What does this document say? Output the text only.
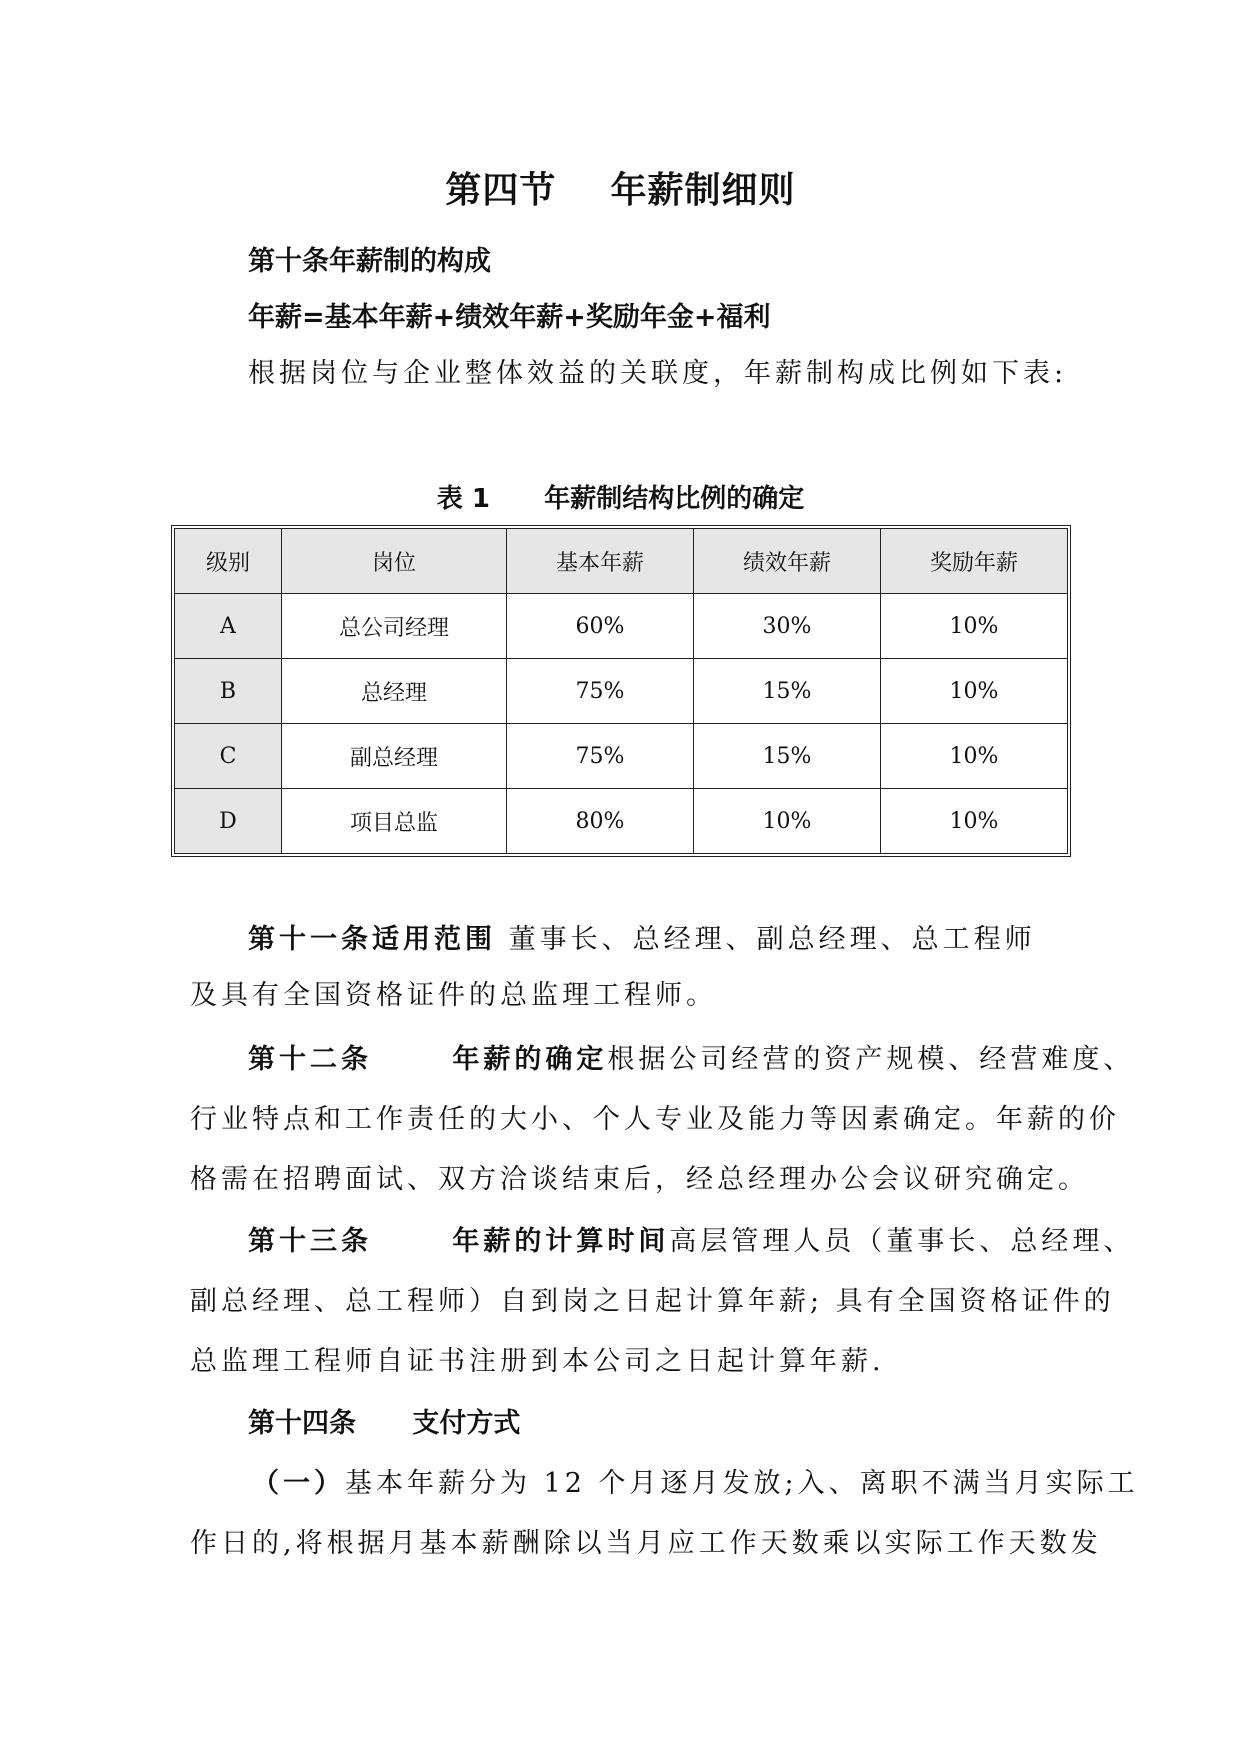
第四节    年薪制细则
第十条年薪制的构成
年薪=基本年薪+绩效年薪+奖励年金+福利
根据岗位与企业整体效益的关联度，年薪制构成比例如下表:
表 1      年薪制结构比例的确定
级别	岗位	基本年薪	绩效年薪	奖励年薪
A	总公司经理	60%	30%	10%
B	总经理	75%	15%	10%
C	副总经理	75%	15%	10%
D	项目总监	80%	10%	10%
第十一条适用范围 董事长、总经理、副总经理、总工程师
及具有全国资格证件的总监理工程师。
第十二条      年薪的确定根据公司经营的资产规模、经营难度、
行业特点和工作责任的大小、个人专业及能力等因素确定。年薪的价
格需在招聘面试、双方洽谈结束后，经总经理办公会议研究确定。
第十三条      年薪的计算时间高层管理人员（董事长、总经理、
副总经理、总工程师）自到岗之日起计算年薪; 具有全国资格证件的
总监理工程师自证书注册到本公司之日起计算年薪.
第十四条      支付方式
（一）基本年薪分为 12 个月逐月发放;入、离职不满当月实际工
作日的,将根据月基本薪酬除以当月应工作天数乘以实际工作天数发
